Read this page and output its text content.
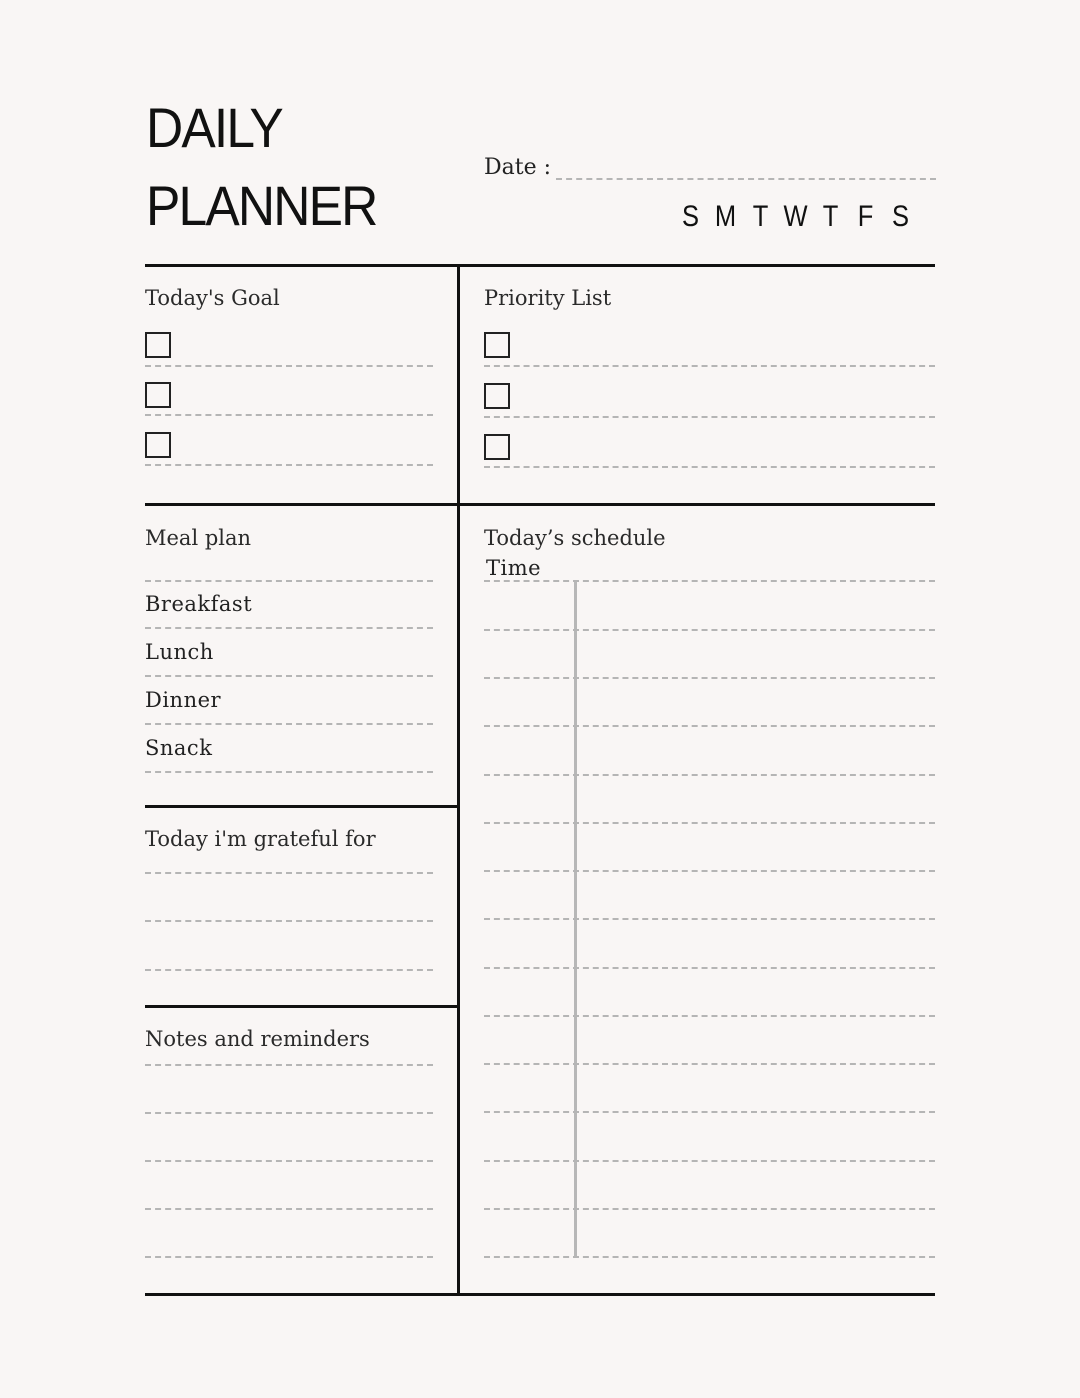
DAILY
PLANNER
Date :
S M T W T F S
Today's Goal	Priority List
Meal plan
Breakfast
Lunch
Dinner
Snack
Today i'm grateful for
Notes and reminders
Today’s schedule
Time
